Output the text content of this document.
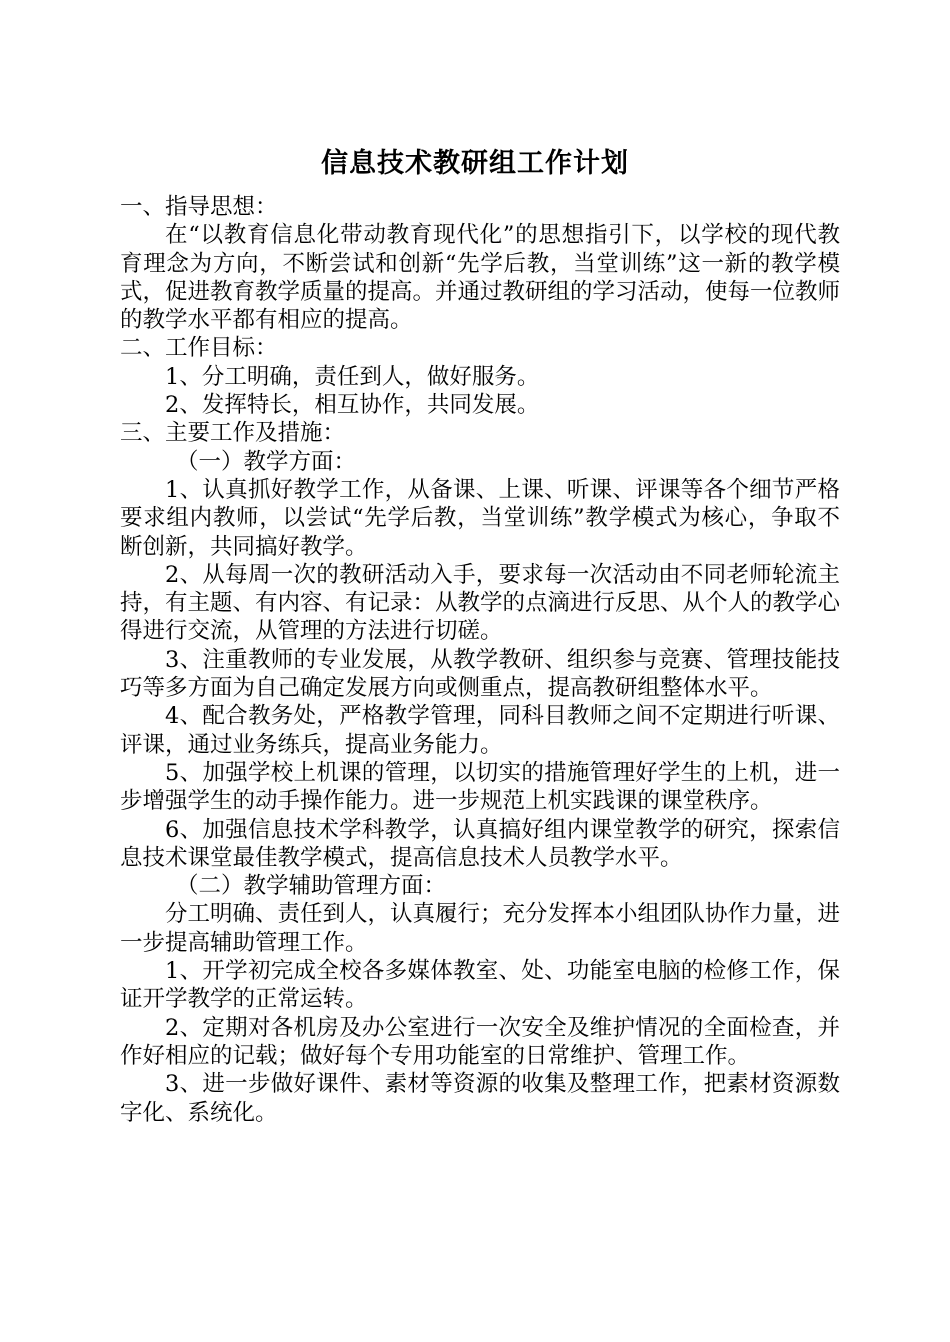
信息技术教研组工作计划

一、指导思想：

在“以教育信息化带动教育现代化”的思想指引下，以学校的现代教育理念为方向，不断尝试和创新“先学后教，当堂训练”这一新的教学模式，促进教育教学质量的提高。并通过教研组的学习活动，使每一位教师的教学水平都有相应的提高。

二、工作目标：

1、分工明确，责任到人，做好服务。

2、发挥特长，相互协作，共同发展。

三、主要工作及措施：

（一）教学方面：

1、认真抓好教学工作，从备课、上课、听课、评课等各个细节严格要求组内教师，以尝试“先学后教，当堂训练”教学模式为核心，争取不断创新，共同搞好教学。

2、从每周一次的教研活动入手，要求每一次活动由不同老师轮流主持，有主题、有内容、有记录：从教学的点滴进行反思、从个人的教学心得进行交流，从管理的方法进行切磋。

3、注重教师的专业发展，从教学教研、组织参与竞赛、管理技能技巧等多方面为自己确定发展方向或侧重点，提高教研组整体水平。

4、配合教务处，严格教学管理，同科目教师之间不定期进行听课、评课，通过业务练兵，提高业务能力。

5、加强学校上机课的管理，以切实的措施管理好学生的上机，进一步增强学生的动手操作能力。进一步规范上机实践课的课堂秩序。

6、加强信息技术学科教学，认真搞好组内课堂教学的研究，探索信息技术课堂最佳教学模式，提高信息技术人员教学水平。

（二）教学辅助管理方面：

分工明确、责任到人，认真履行；充分发挥本小组团队协作力量，进一步提高辅助管理工作。

1、开学初完成全校各多媒体教室、处、功能室电脑的检修工作，保证开学教学的正常运转。

2、定期对各机房及办公室进行一次安全及维护情况的全面检查，并作好相应的记载；做好每个专用功能室的日常维护、管理工作。

3、进一步做好课件、素材等资源的收集及整理工作，把素材资源数字化、系统化。
